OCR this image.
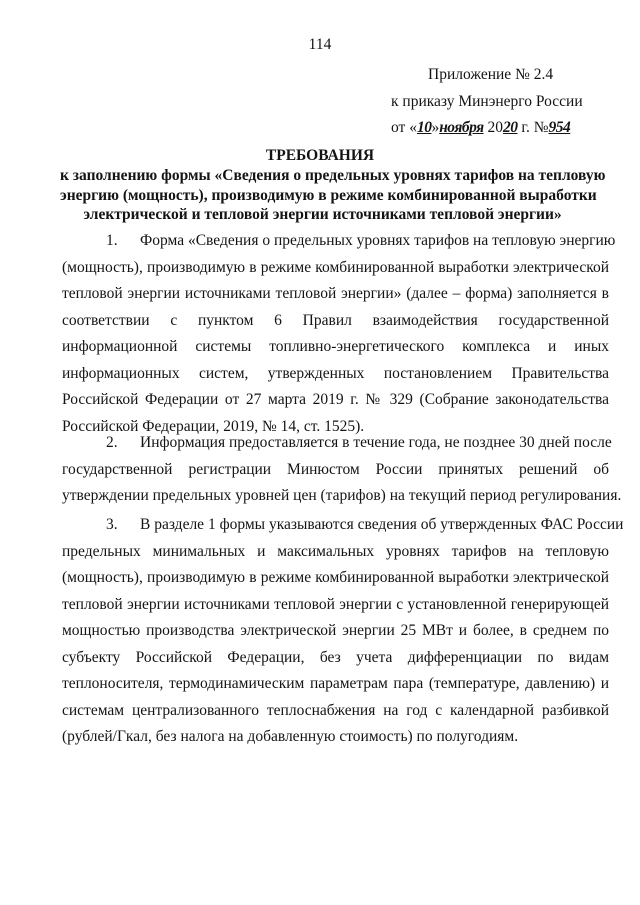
114
Приложение № 2.4
к приказу Минэнерго России
от «10»ноября 2020 г. №954
ТРЕБОВАНИЯ
к заполнению формы «Сведения о предельных уровнях тарифов на тепловую
энергию (мощность), производимую в режиме комбинированной выработки
электрической и тепловой энергии источниками тепловой энергии»
1. Форма «Сведения о предельных уровнях тарифов на тепловую энергию
(мощность), производимую в режиме комбинированной выработки электрической
тепловой энергии источниками тепловой энергии» (далее – форма) заполняется в
соответствии с пунктом 6 Правил взаимодействия государственной
информационной системы топливно-энергетического комплекса и иных
информационных систем, утвержденных постановлением Правительства
Российской Федерации от 27 марта 2019 г. № 329 (Собрание законодательства
Российской Федерации, 2019, № 14, ст. 1525).
2. Информация предоставляется в течение года, не позднее 30 дней после
государственной регистрации Минюстом России принятых решений об
утверждении предельных уровней цен (тарифов) на текущий период регулирования.
3. В разделе 1 формы указываются сведения об утвержденных ФАС России
предельных минимальных и максимальных уровнях тарифов на тепловую
(мощность), производимую в режиме комбинированной выработки электрической
тепловой энергии источниками тепловой энергии с установленной генерирующей
мощностью производства электрической энергии 25 МВт и более, в среднем по
субъекту Российской Федерации, без учета дифференциации по видам
теплоносителя, термодинамическим параметрам пара (температуре, давлению) и
системам централизованного теплоснабжения на год с календарной разбивкой
(рублей/Гкал, без налога на добавленную стоимость) по полугодиям.
